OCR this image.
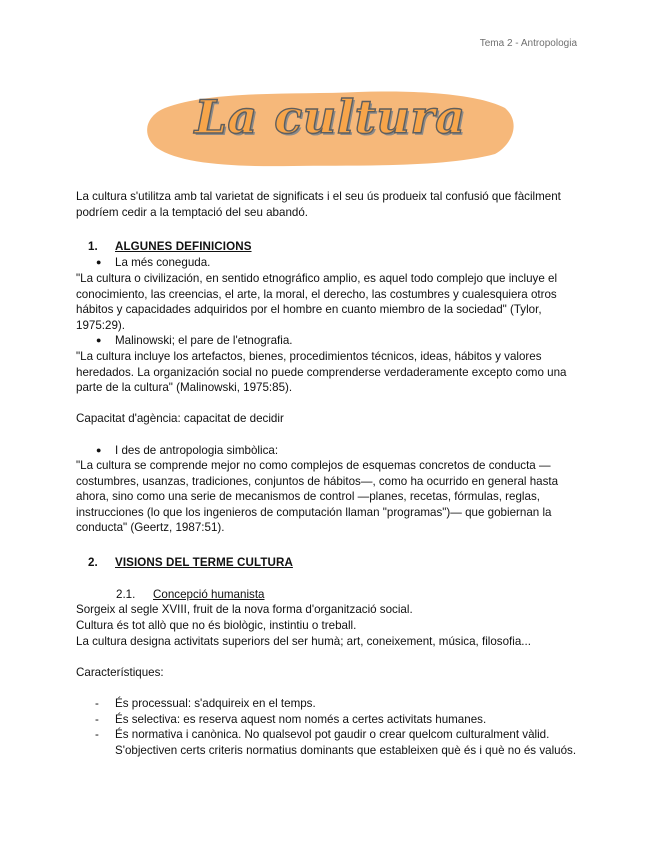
Tema 2 - Antropologia
La cultura

La cultura s'utilitza amb tal varietat de significats i el seu ús produeix tal confusió que fàcilment podríem cedir a la temptació del seu abandó.

1.	ALGUNES DEFINICIONS
●	La més coneguda.

"La cultura o civilización, en sentido etnográfico amplio, es aquel todo complejo que incluye el conocimiento, las creencias, el arte, la moral, el derecho, las costumbres y cualesquiera otros hábitos y capacidades adquiridos por el hombre en cuanto miembro de la sociedad" (Tylor, 1975:29).

●	Malinowski; el pare de l'etnografia.

"La cultura incluye los artefactos, bienes, procedimientos técnicos, ideas, hábitos y valores heredados. La organización social no puede comprenderse verdaderamente excepto como una parte de la cultura" (Malinowski, 1975:85).

Capacitat d'agència: capacitat de decidir

●	I des de antropologia simbòlica:

"La cultura se comprende mejor no como complejos de esquemas concretos de conducta —costumbres, usanzas, tradiciones, conjuntos de hábitos—, como ha ocurrido en general hasta ahora, sino como una serie de mecanismos de control —planes, recetas, fórmulas, reglas, instrucciones (lo que los ingenieros de computación llaman "programas")— que gobiernan la conducta" (Geertz, 1987:51).

2.	VISIONS DEL TERME CULTURA
2.1.	Concepció humanista

Sorgeix al segle XVIII, fruit de la nova forma d'organització social.

Cultura és tot allò que no és biològic, instintiu o treball.

La cultura designa activitats superiors del ser humà; art, coneixement, música, filosofia...

Característiques:

-	És processual: s'adquireix en el temps.
-	És selectiva: es reserva aquest nom només a certes activitats humanes.
-	És normativa i canònica. No qualsevol pot gaudir o crear quelcom culturalment vàlid. S'objectiven certs criteris normatius dominants que estableixen què és i què no és valuós.
